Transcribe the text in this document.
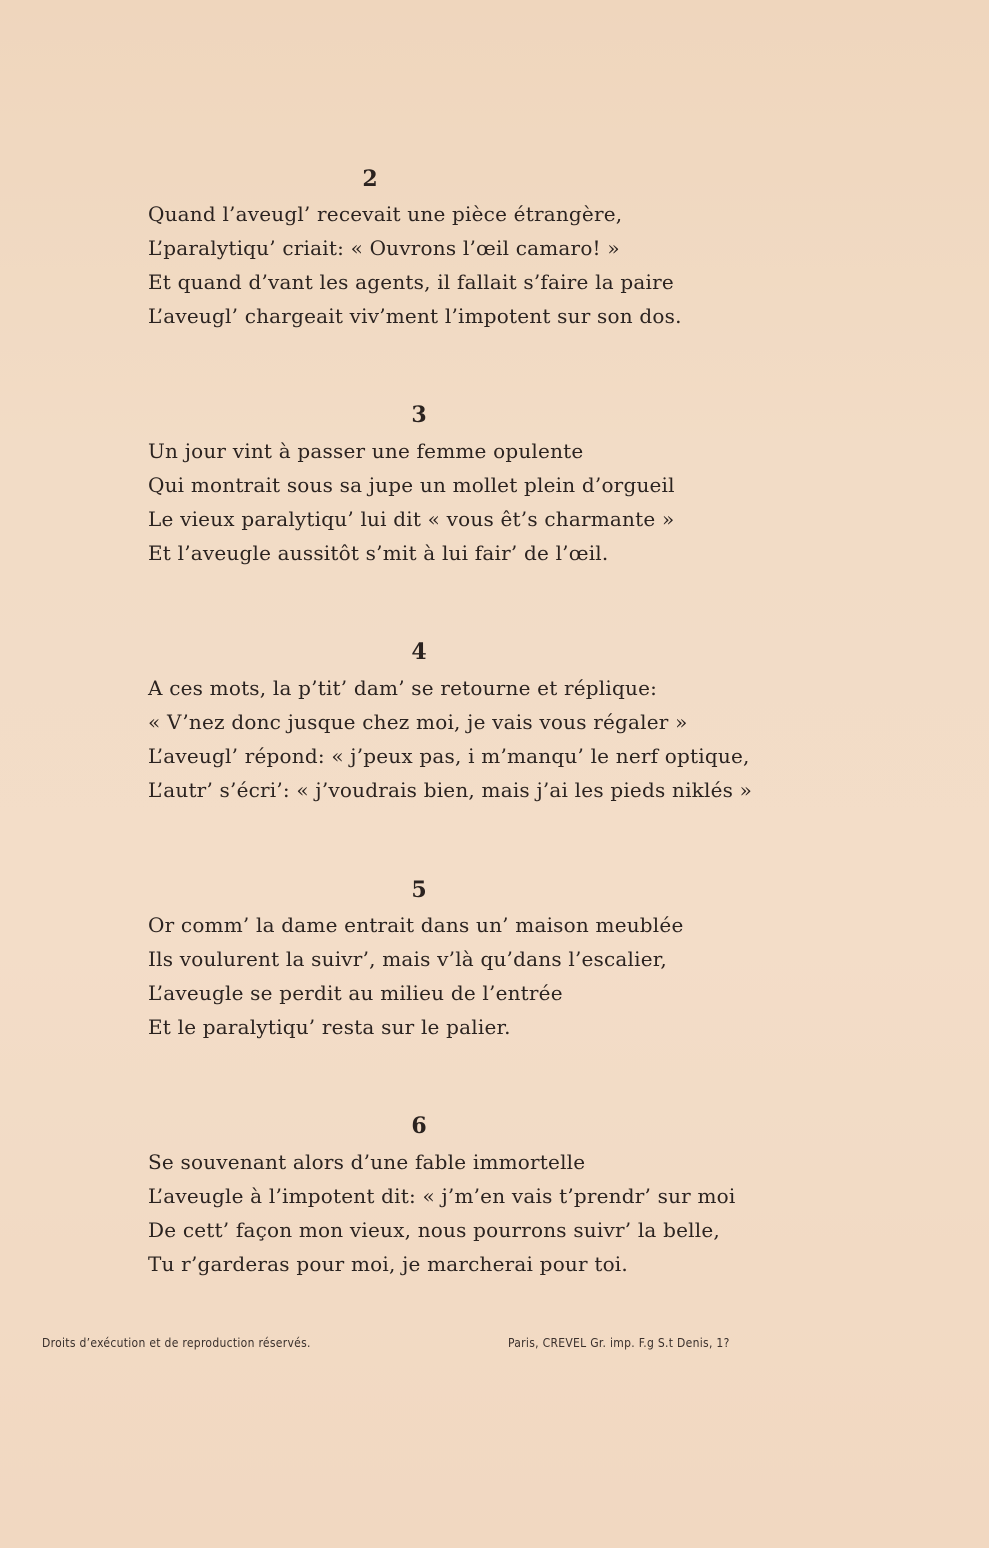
2
Quand l’aveugl’ recevait une pièce étrangère,
L’paralytiqu’ criait: « Ouvrons l’œil camaro! »
Et quand d’vant les agents, il fallait s’faire la paire
L’aveugl’ chargeait viv’ment l’impotent sur son dos.
3
Un jour vint à passer une femme opulente
Qui montrait sous sa jupe un mollet plein d’orgueil
Le vieux paralytiqu’ lui dit « vous êt’s charmante »
Et l’aveugle aussitôt s’mit à lui fair’ de l’œil.
4
A ces mots, la p’tit’ dam’ se retourne et réplique:
« V’nez donc jusque chez moi, je vais vous régaler »
L’aveugl’ répond: « j’peux pas, i m’manqu’ le nerf optique,
L’autr’ s’écri’: « j’voudrais bien, mais j’ai les pieds niklés »
5
Or comm’ la dame entrait dans un’ maison meublée
Ils voulurent la suivr’, mais v’là qu’dans l’escalier,
L’aveugle se perdit au milieu de l’entrée
Et le paralytiqu’ resta sur le palier.
6
Se souvenant alors d’une fable immortelle
L’aveugle à l’impotent dit: « j’m’en vais t’prendr’ sur moi
De cett’ façon mon vieux, nous pourrons suivr’ la belle,
Tu r’garderas pour moi, je marcherai pour toi.
Droits d’exécution et de reproduction réservés.	Paris, CREVEL Gr. imp. F.g S.t Denis, 1?
